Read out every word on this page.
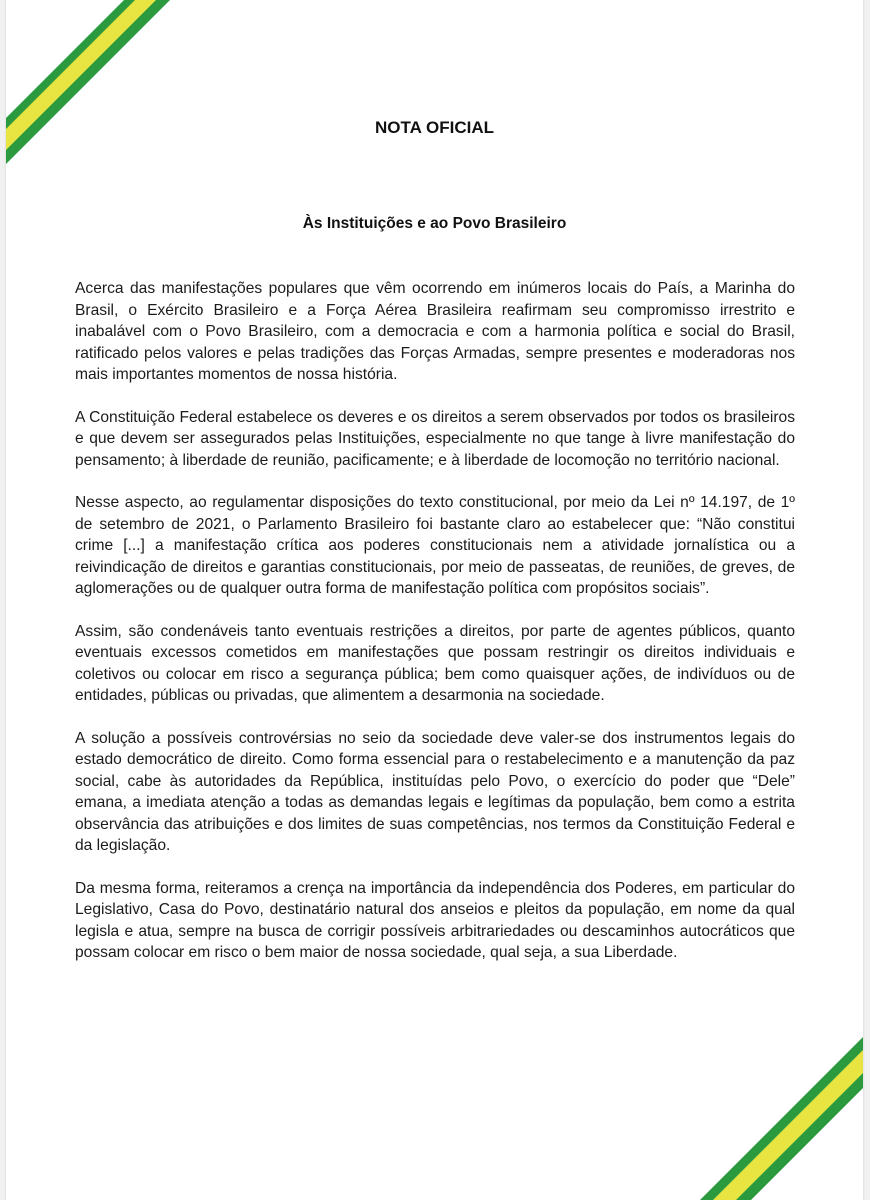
NOTA OFICIAL
Às Instituições e ao Povo Brasileiro

Acerca das manifestações populares que vêm ocorrendo em inúmeros locais do País, a Marinha do Brasil, o Exército Brasileiro e a Força Aérea Brasileira reafirmam seu compromisso irrestrito e inabalável com o Povo Brasileiro, com a democracia e com a harmonia política e social do Brasil, ratificado pelos valores e pelas tradições das Forças Armadas, sempre presentes e moderadoras nos mais importantes momentos de nossa história.

A Constituição Federal estabelece os deveres e os direitos a serem observados por todos os brasileiros e que devem ser assegurados pelas Instituições, especialmente no que tange à livre manifestação do pensamento; à liberdade de reunião, pacificamente; e à liberdade de locomoção no território nacional.

Nesse aspecto, ao regulamentar disposições do texto constitucional, por meio da Lei nº 14.197, de 1º de setembro de 2021, o Parlamento Brasileiro foi bastante claro ao estabelecer que: “Não constitui crime [...] a manifestação crítica aos poderes constitucionais nem a atividade jornalística ou a reivindicação de direitos e garantias constitucionais, por meio de passeatas, de reuniões, de greves, de aglomerações ou de qualquer outra forma de manifestação política com propósitos sociais”.

Assim, são condenáveis tanto eventuais restrições a direitos, por parte de agentes públicos, quanto eventuais excessos cometidos em manifestações que possam restringir os direitos individuais e coletivos ou colocar em risco a segurança pública; bem como quaisquer ações, de indivíduos ou de entidades, públicas ou privadas, que alimentem a desarmonia na sociedade.

A solução a possíveis controvérsias no seio da sociedade deve valer-se dos instrumentos legais do estado democrático de direito. Como forma essencial para o restabelecimento e a manutenção da paz social, cabe às autoridades da República, instituídas pelo Povo, o exercício do poder que “Dele” emana, a imediata atenção a todas as demandas legais e legítimas da população, bem como a estrita observância das atribuições e dos limites de suas competências, nos termos da Constituição Federal e da legislação.

Da mesma forma, reiteramos a crença na importância da independência dos Poderes, em particular do Legislativo, Casa do Povo, destinatário natural dos anseios e pleitos da população, em nome da qual legisla e atua, sempre na busca de corrigir possíveis arbitrariedades ou descaminhos autocráticos que possam colocar em risco o bem maior de nossa sociedade, qual seja, a sua Liberdade.
